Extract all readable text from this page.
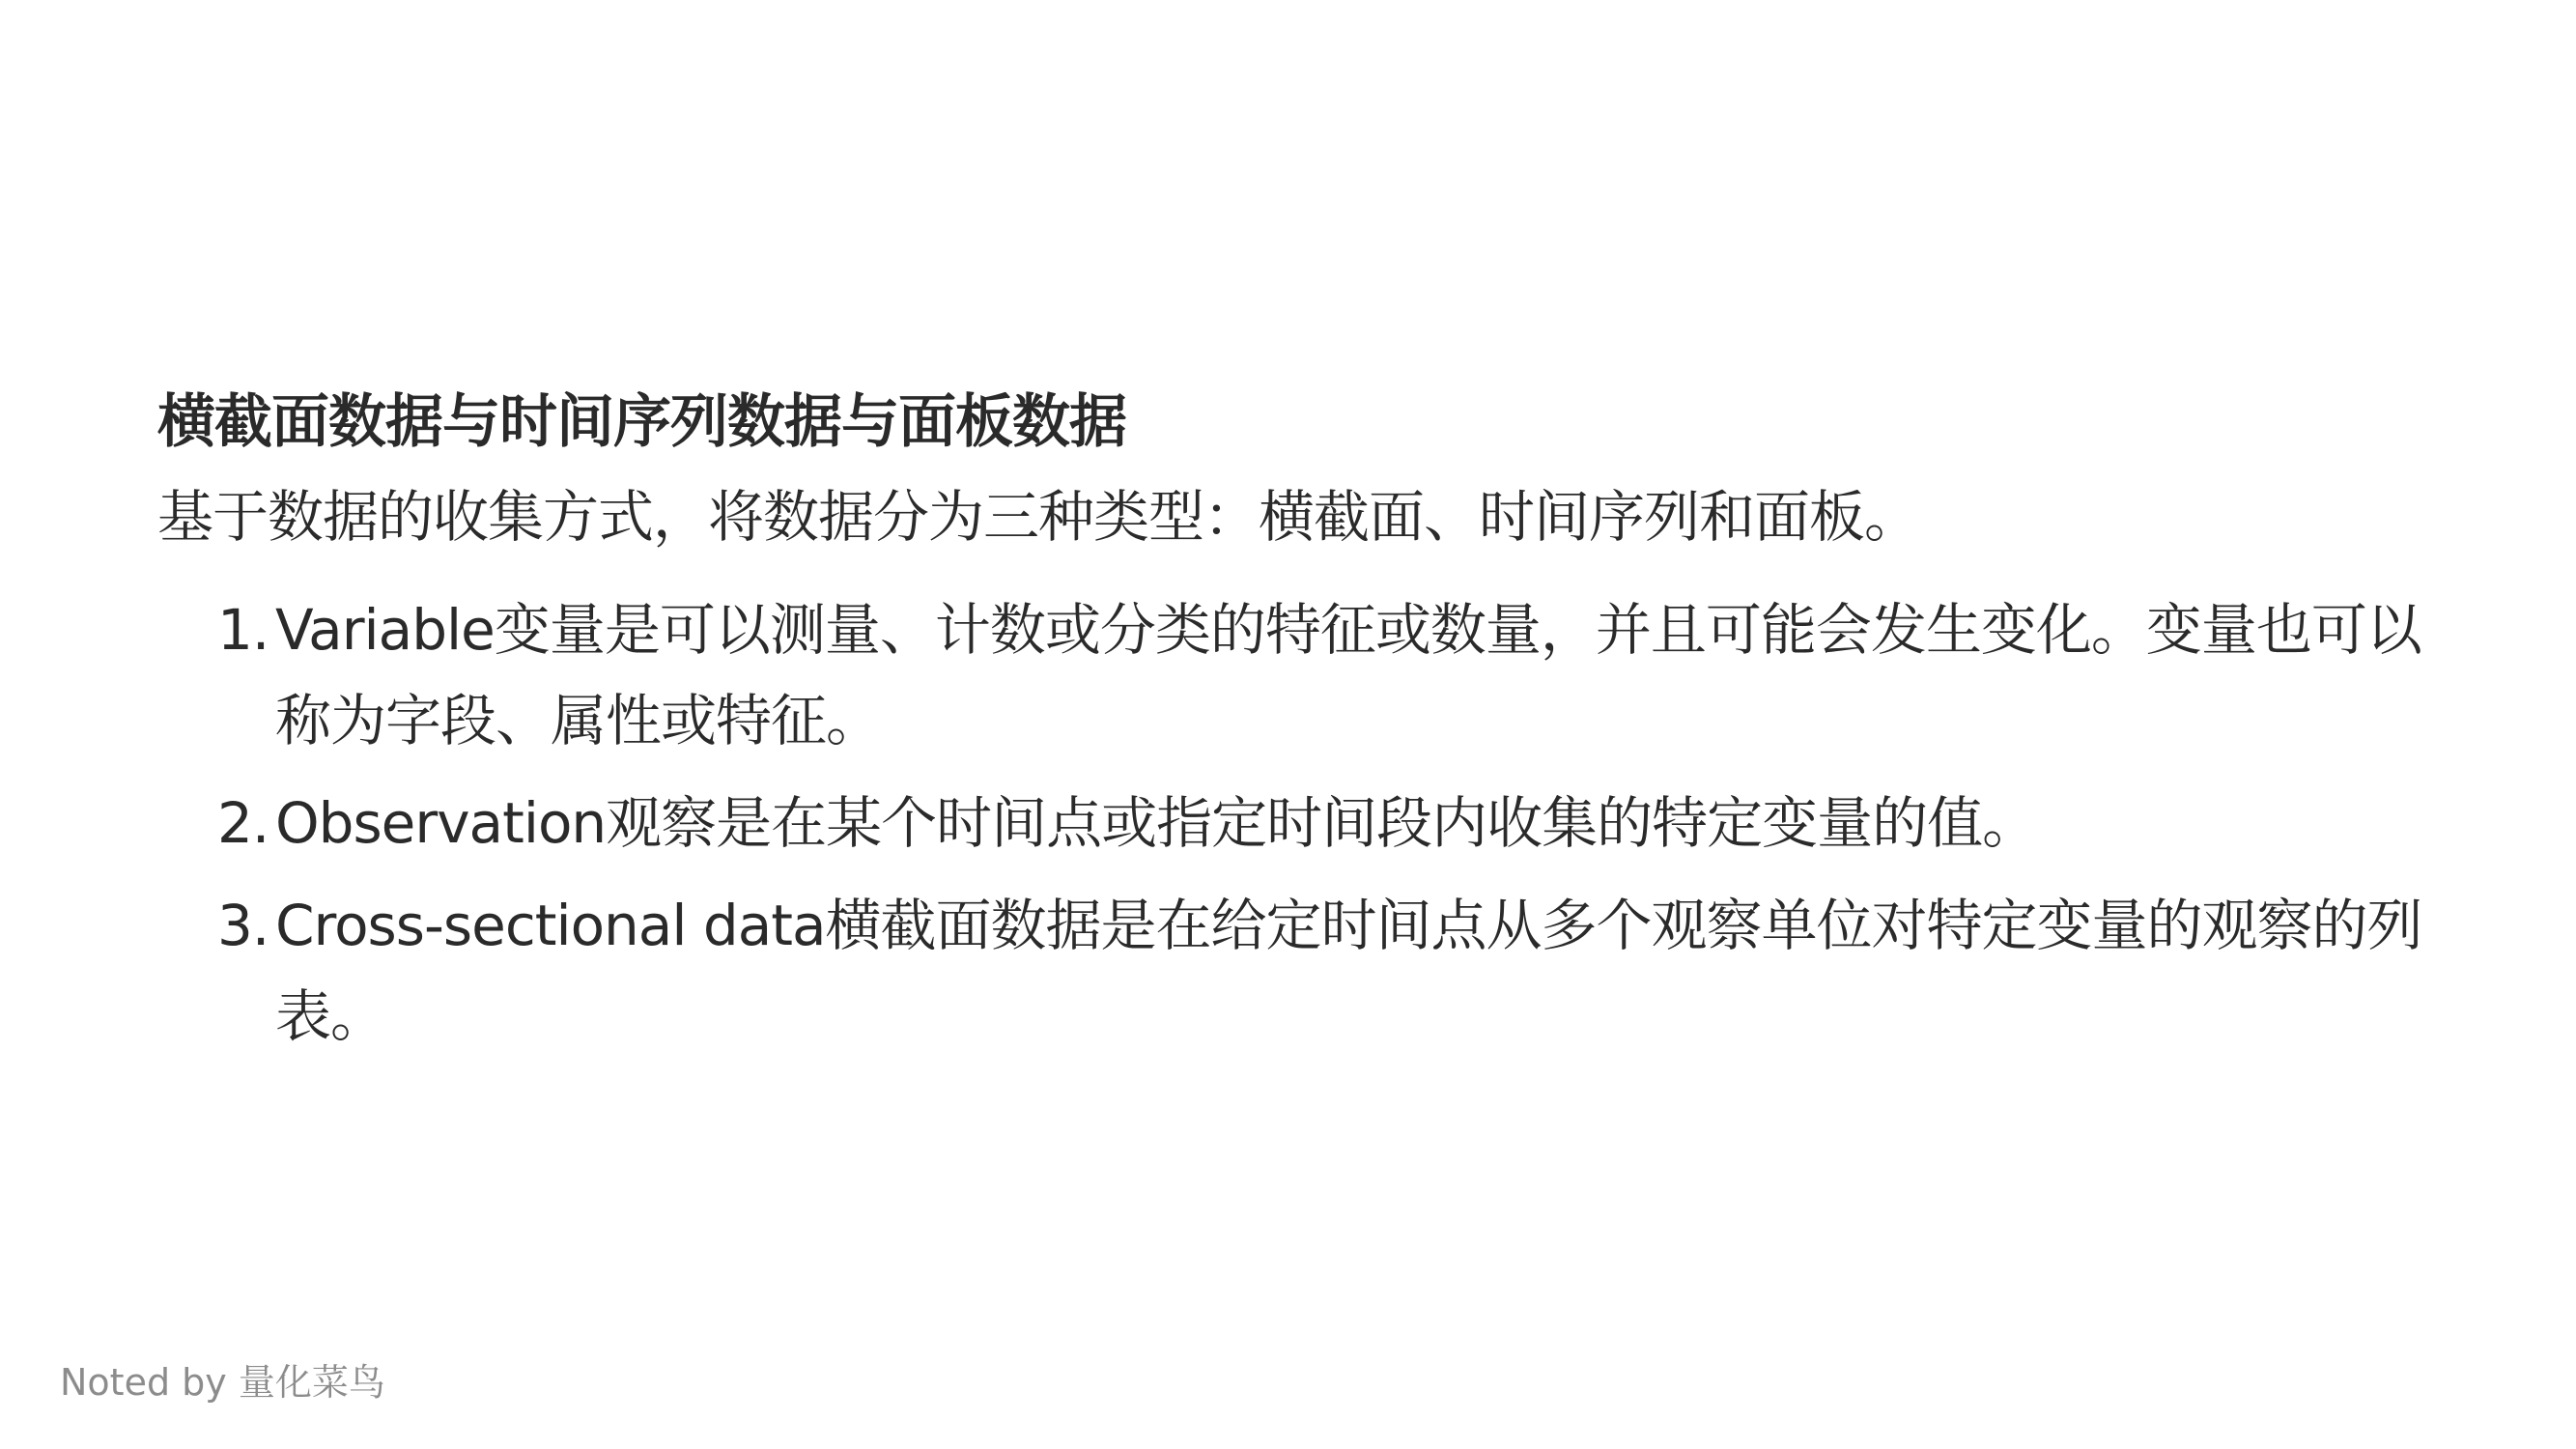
横截面数据与时间序列数据与面板数据
基于数据的收集方式，将数据分为三种类型：横截面、时间序列和面板。
1. Variable变量是可以测量、计数或分类的特征或数量，并且可能会发生变化。变量也可以称为字段、属性或特征。
2. Observation观察是在某个时间点或指定时间段内收集的特定变量的值。
3. Cross-sectional data横截面数据是在给定时间点从多个观察单位对特定变量的观察的列表。
Noted by 量化菜鸟
